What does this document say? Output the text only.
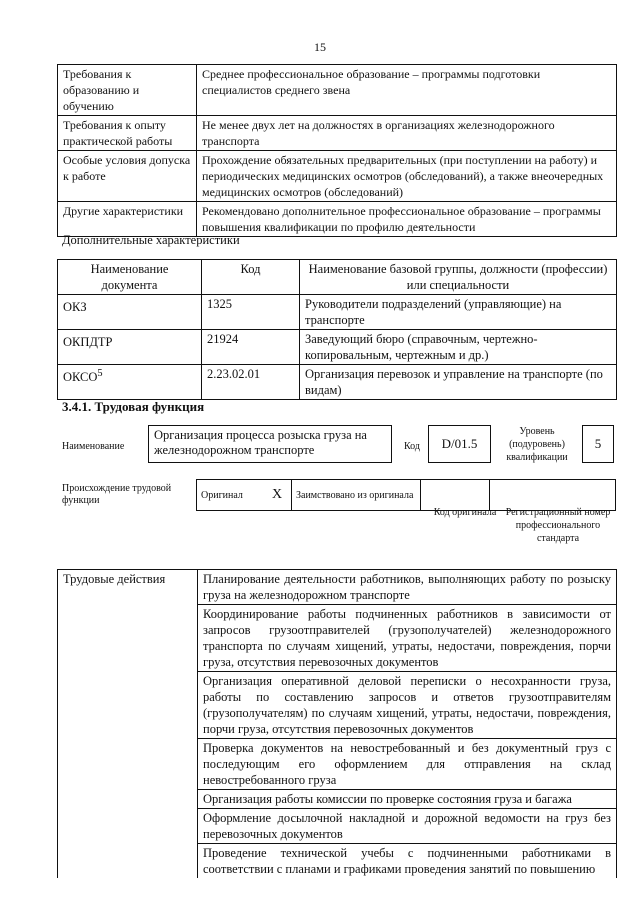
15
Требования к образованию и обучению	Среднее профессиональное образование – программы подготовки специалистов среднего звена
Требования к опыту практической работы	Не менее двух лет на должностях в организациях железнодорожного транспорта
Особые условия допуска к работе	Прохождение обязательных предварительных (при поступлении на работу) и периодических медицинских осмотров (обследований), а также внеочередных медицинских осмотров (обследований)
Другие характеристики	Рекомендовано дополнительное профессиональное образование – программы повышения квалификации по профилю деятельности
Дополнительные характеристики
Наименование документа	Код	Наименование базовой группы, должности (профессии) или специальности
ОКЗ	1325	Руководители подразделений (управляющие) на транспорте
ОКПДТР	21924	Заведующий бюро (справочным, чертежно-копировальным, чертежным и др.)
ОКСО$^5$	2.23.02.01	Организация перевозок и управление на транспорте (по видам)
3.4.1. Трудовая функция
Наименование
Организация процесса розыска груза на железнодорожном транспорте	Код	D/01.5
Уровень (подуровень) квалификации
5
Происхождение трудовой функции	Оригинал	X	Заимствовано из оригинала		
Код оригинала Регистрационный номер профессионального стандарта
Трудовые действия	Планирование деятельности работников, выполняющих работу по розыску груза на железнодорожном транспорте
Координирование работы подчиненных работников в зависимости от запросов грузоотправителей (грузополучателей) железнодорожного транспорта по случаям хищений, утраты, недостачи, повреждения, порчи груза, отсутствия перевозочных документов
Организация оперативной деловой переписки о несохранности груза, работы по составлению запросов и ответов грузоотправителям (грузополучателям) по случаям хищений, утраты, недостачи, повреждения, порчи груза, отсутствия перевозочных документов
Проверка документов на невостребованный и без документный груз с последующим его оформлением для отправления на склад невостребованного груза
Организация работы комиссии по проверке состояния груза и багажа
Оформление досылочной накладной и дорожной ведомости на груз без перевозочных документов
Проведение технической учебы с подчиненными работниками в соответствии с планами и графиками проведения занятий по повышению
